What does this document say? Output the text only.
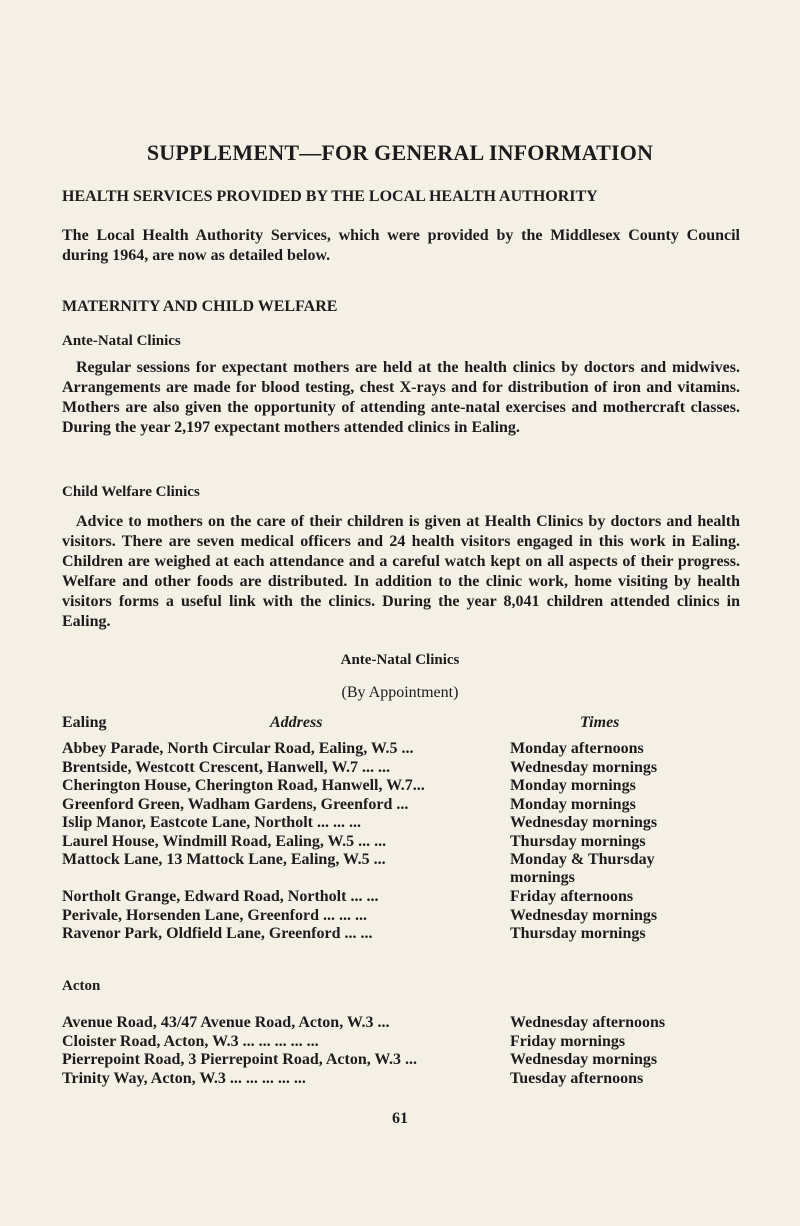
SUPPLEMENT—FOR GENERAL INFORMATION
HEALTH SERVICES PROVIDED BY THE LOCAL HEALTH AUTHORITY

The Local Health Authority Services, which were provided by the Middlesex County Council during 1964, are now as detailed below.

MATERNITY AND CHILD WELFARE
Ante-Natal Clinics

Regular sessions for expectant mothers are held at the health clinics by doctors and midwives. Arrangements are made for blood testing, chest X-rays and for distribution of iron and vitamins. Mothers are also given the opportunity of attending ante-natal exercises and mothercraft classes. During the year 2,197 expectant mothers attended clinics in Ealing.

Child Welfare Clinics

Advice to mothers on the care of their children is given at Health Clinics by doctors and health visitors. There are seven medical officers and 24 health visitors engaged in this work in Ealing. Children are weighed at each attendance and a careful watch kept on all aspects of their progress. Welfare and other foods are distributed. In addition to the clinic work, home visiting by health visitors forms a useful link with the clinics. During the year 8,041 children attended clinics in Ealing.

Ante-Natal Clinics
(By Appointment)
Ealing	Address	Times
Abbey Parade, North Circular Road, Ealing, W.5 ...	Monday afternoons
Brentside, Westcott Crescent, Hanwell, W.7 ... ...	Wednesday mornings
Cherington House, Cherington Road, Hanwell, W.7...	Monday mornings
Greenford Green, Wadham Gardens, Greenford ...	Monday mornings
Islip Manor, Eastcote Lane, Northolt ... ... ...	Wednesday mornings
Laurel House, Windmill Road, Ealing, W.5 ... ...	Thursday mornings
Mattock Lane, 13 Mattock Lane, Ealing, W.5 ...	Monday & Thursday mornings
Northolt Grange, Edward Road, Northolt ... ...	Friday afternoons
Perivale, Horsenden Lane, Greenford ... ... ...	Wednesday mornings
Ravenor Park, Oldfield Lane, Greenford ... ...	Thursday mornings
Acton
Avenue Road, 43/47 Avenue Road, Acton, W.3 ...	Wednesday afternoons
Cloister Road, Acton, W.3 ... ... ... ... ...	Friday mornings
Pierrepoint Road, 3 Pierrepoint Road, Acton, W.3 ...	Wednesday mornings
Trinity Way, Acton, W.3 ... ... ... ... ...	Tuesday afternoons
61
